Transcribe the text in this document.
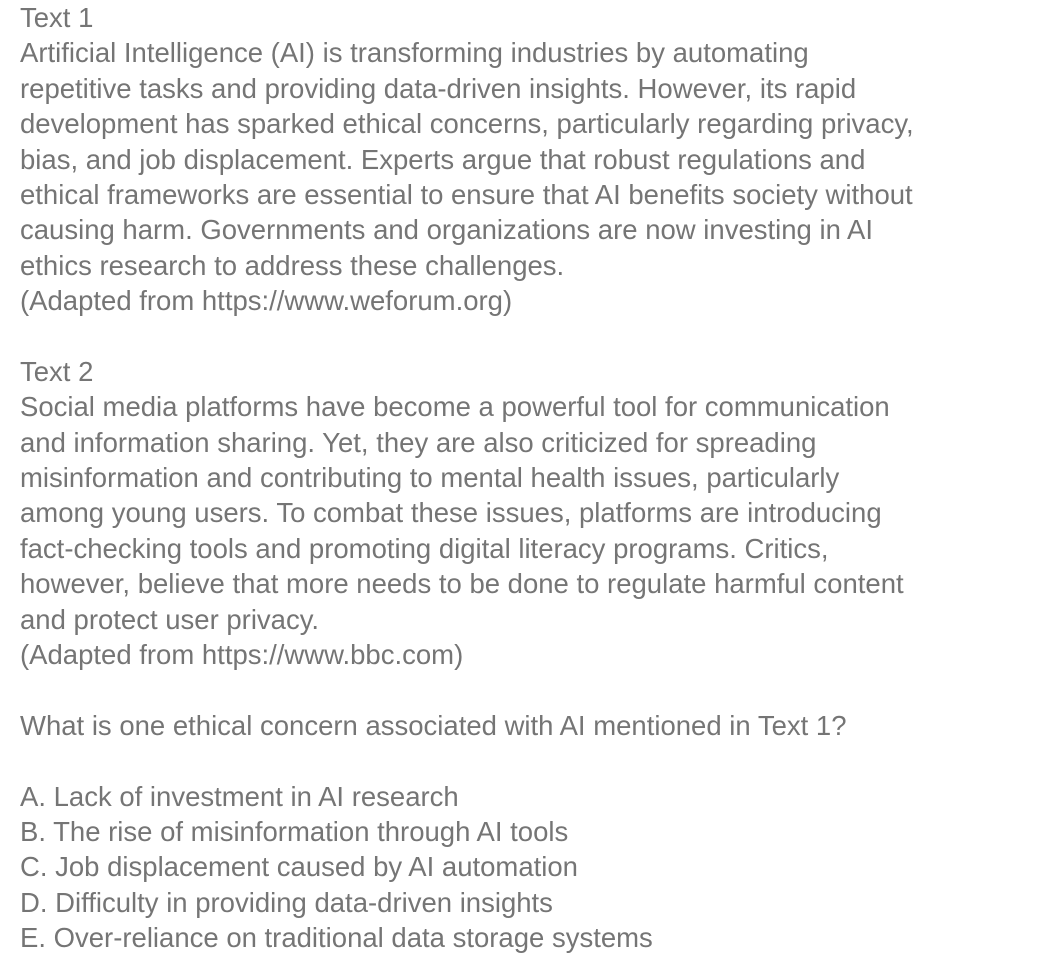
Text 1
Artificial Intelligence (AI) is transforming industries by automating
repetitive tasks and providing data-driven insights. However, its rapid
development has sparked ethical concerns, particularly regarding privacy,
bias, and job displacement. Experts argue that robust regulations and
ethical frameworks are essential to ensure that AI benefits society without
causing harm. Governments and organizations are now investing in AI
ethics research to address these challenges.
(Adapted from https://www.weforum.org)
Text 2
Social media platforms have become a powerful tool for communication
and information sharing. Yet, they are also criticized for spreading
misinformation and contributing to mental health issues, particularly
among young users. To combat these issues, platforms are introducing
fact-checking tools and promoting digital literacy programs. Critics,
however, believe that more needs to be done to regulate harmful content
and protect user privacy.
(Adapted from https://www.bbc.com)
What is one ethical concern associated with AI mentioned in Text 1?
A. Lack of investment in AI research
B. The rise of misinformation through AI tools
C. Job displacement caused by AI automation
D. Difficulty in providing data-driven insights
E. Over-reliance on traditional data storage systems
